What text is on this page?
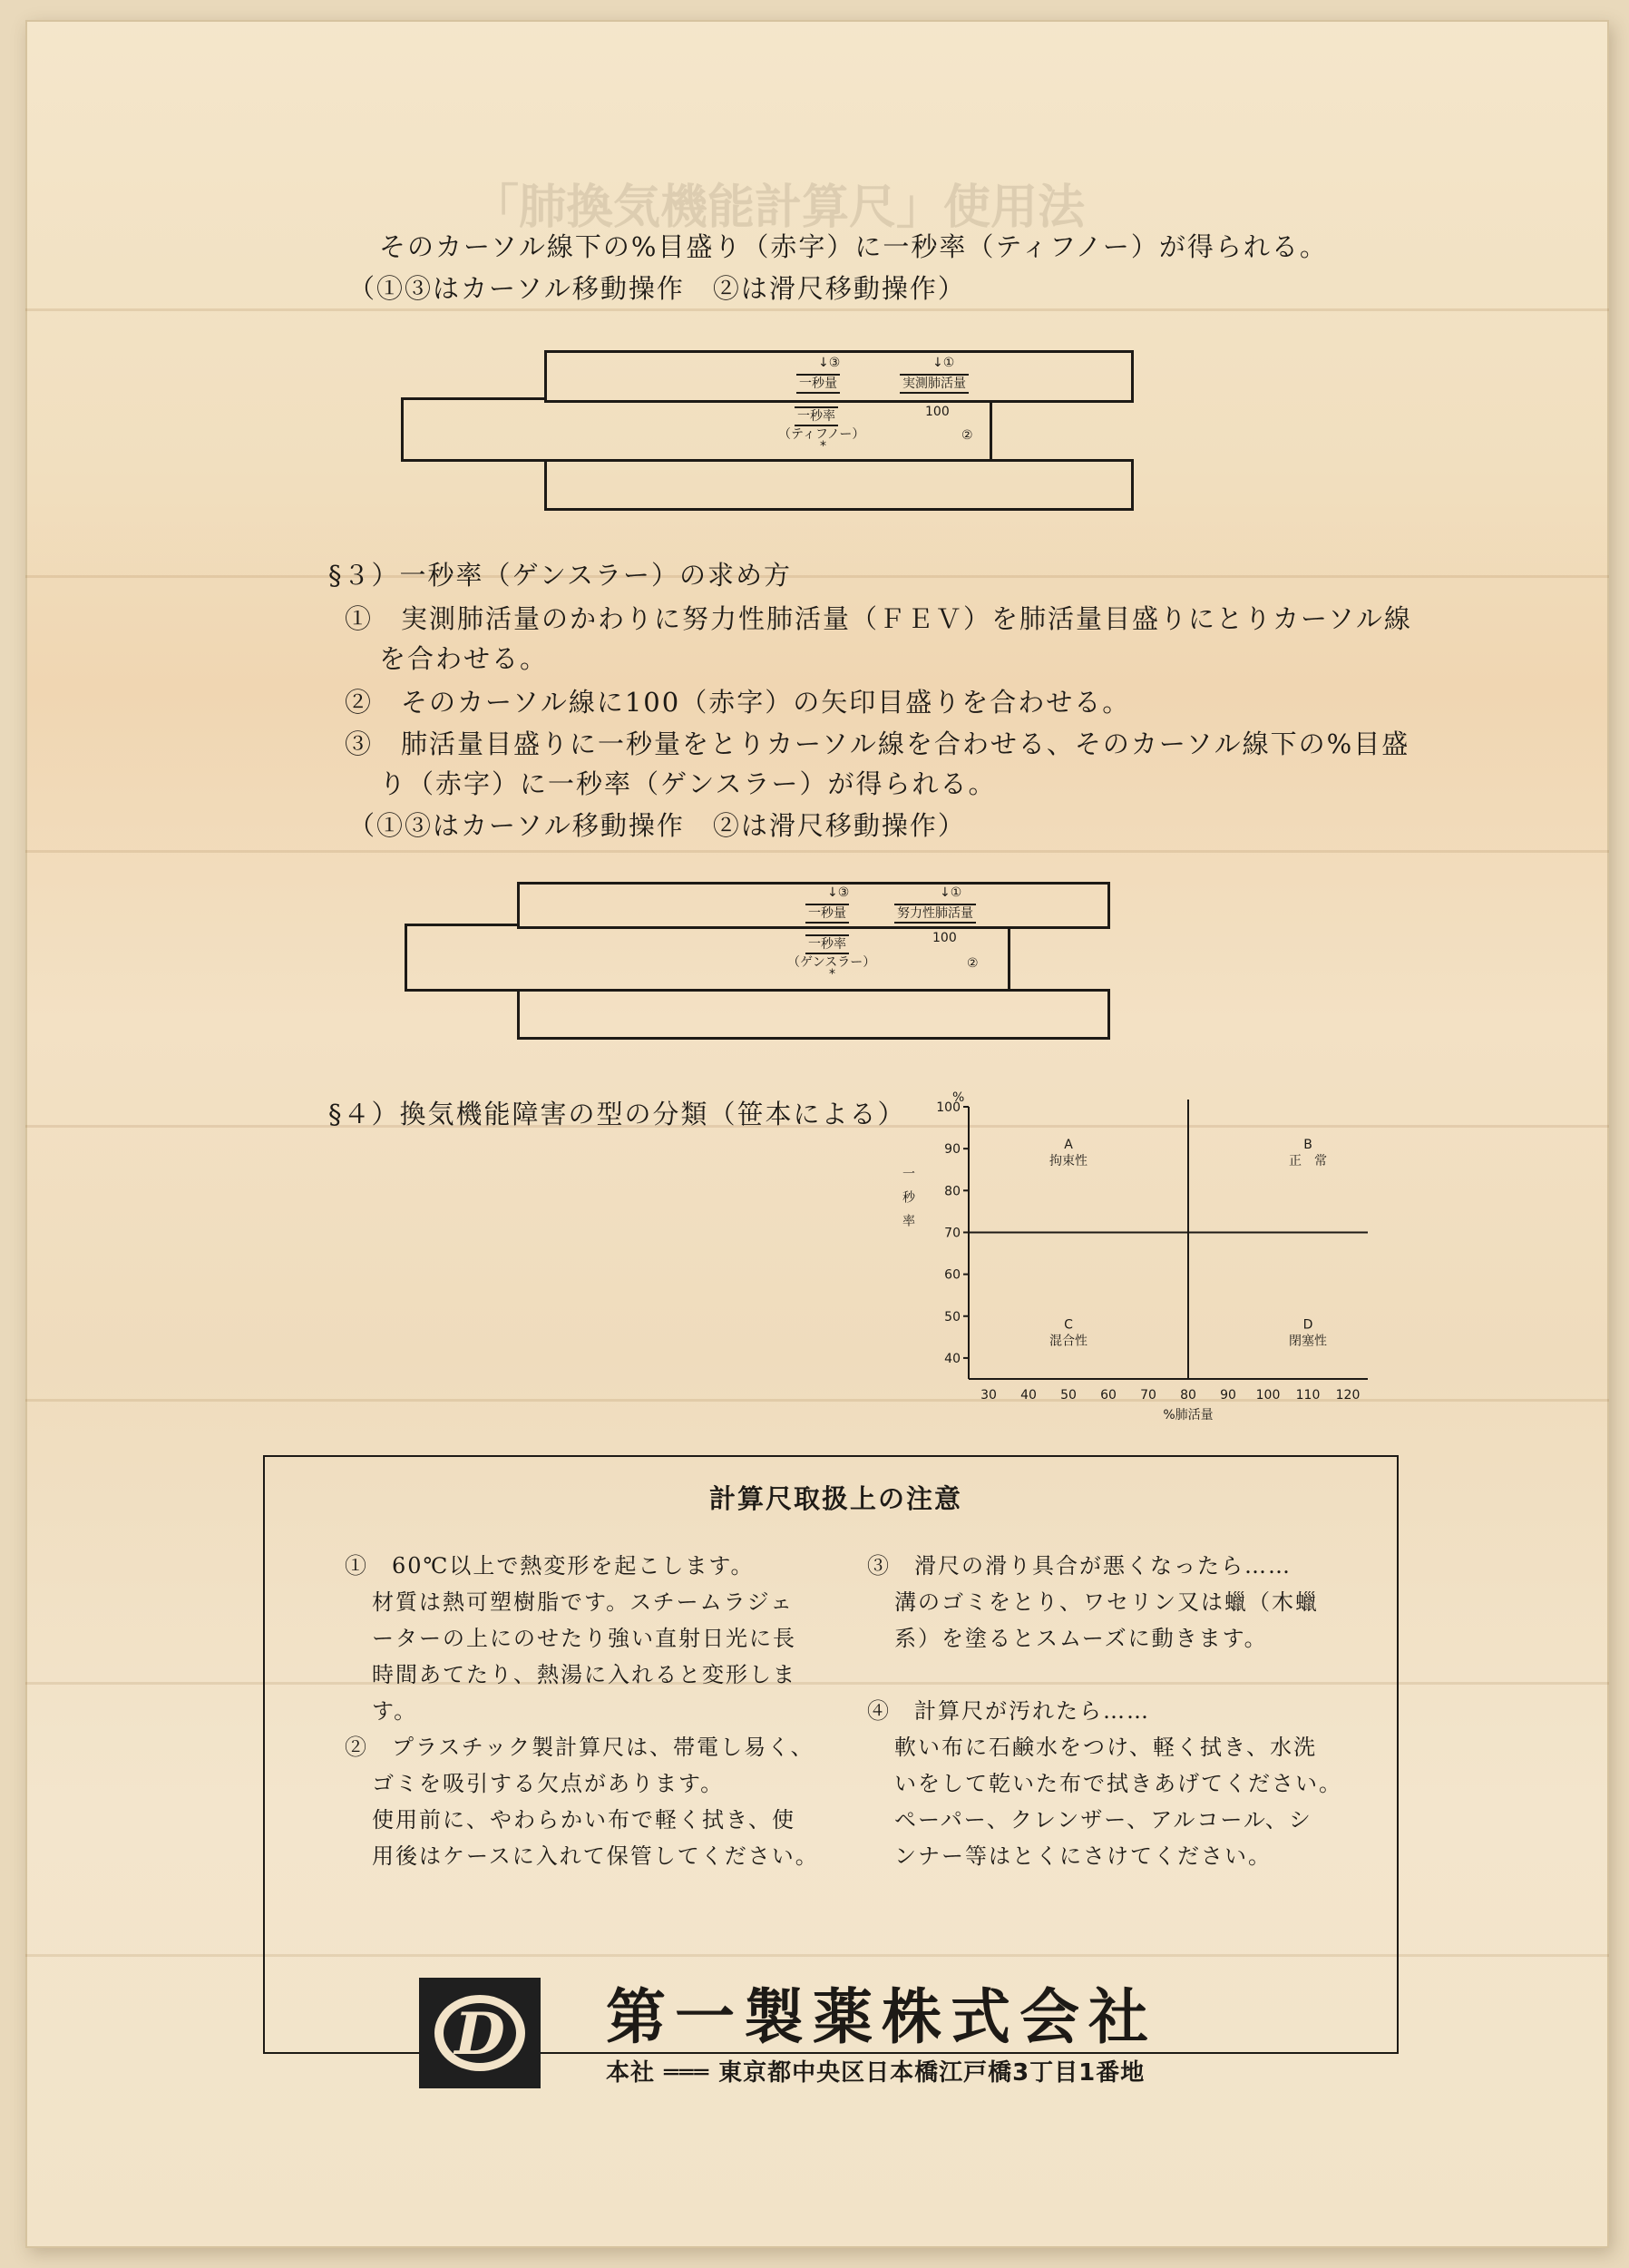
「肺換気機能計算尺」使用法
そのカーソル線下の%目盛り（赤字）に一秒率（ティフノー）が得られる。
（①③はカーソル移動操作　②は滑尺移動操作）
↓③	↓①
一秒量	実測肺活量
一秒率
（ティフノー）
*
100
②
§３）一秒率（ゲンスラー）の求め方
①　実測肺活量のかわりに努力性肺活量（ＦＥＶ）を肺活量目盛りにとりカーソル線
を合わせる。
②　そのカーソル線に100（赤字）の矢印目盛りを合わせる。
③　肺活量目盛りに一秒量をとりカーソル線を合わせる、そのカーソル線下の%目盛
り（赤字）に一秒率（ゲンスラー）が得られる。
（①③はカーソル移動操作　②は滑尺移動操作）
↓③	↓①
一秒量	努力性肺活量
一秒率
（ゲンスラー）
*
100
②
§４）換気機能障害の型の分類（笹本による）
40
50
60
70
80
90
100
%
30 40 50 60 70 80 90 100 110 120
%肺活量
一
秒
率
A
拘束性
B
正　常
C
混合性
D
閉塞性
計算尺取扱上の注意
①　60℃以上で熱変形を起こします。
材質は熱可塑樹脂です。スチームラジェ
ーターの上にのせたり強い直射日光に長
時間あてたり、熱湯に入れると変形しま
す。
②　プラスチック製計算尺は、帯電し易く、
ゴミを吸引する欠点があります。
使用前に、やわらかい布で軽く拭き、使
用後はケースに入れて保管してください。
③　滑尺の滑り具合が悪くなったら……
溝のゴミをとり、ワセリン又は蠟（木蠟
系）を塗るとスムーズに動きます。
④　計算尺が汚れたら……
軟い布に石鹸水をつけ、軽く拭き、水洗
いをして乾いた布で拭きあげてください。
ペーパー、クレンザー、アルコール、シ
ンナー等はとくにさけてください。
D 第一製薬株式会社
本社 ═══ 東京都中央区日本橋江戸橋3丁目1番地
